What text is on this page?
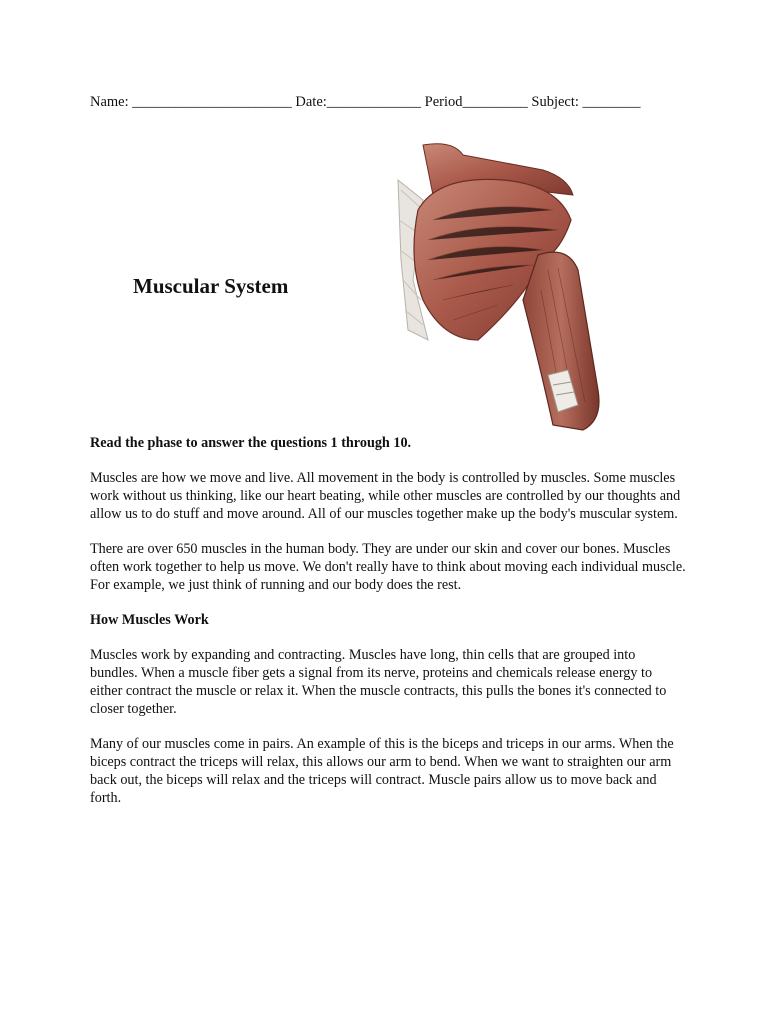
Name: ______________________ Date:_____________ Period_________ Subject: ________
Muscular System

Read the phase to answer the questions 1 through 10.

Muscles are how we move and live. All movement in the body is controlled by muscles. Some muscles work without us thinking, like our heart beating, while other muscles are controlled by our thoughts and allow us to do stuff and move around. All of our muscles together make up the body's muscular system.

There are over 650 muscles in the human body. They are under our skin and cover our bones. Muscles often work together to help us move. We don't really have to think about moving each individual muscle. For example, we just think of running and our body does the rest.

How Muscles Work

Muscles work by expanding and contracting. Muscles have long, thin cells that are grouped into bundles. When a muscle fiber gets a signal from its nerve, proteins and chemicals release energy to either contract the muscle or relax it. When the muscle contracts, this pulls the bones it's connected to closer together.

Many of our muscles come in pairs. An example of this is the biceps and triceps in our arms. When the biceps contract the triceps will relax, this allows our arm to bend. When we want to straighten our arm back out, the biceps will relax and the triceps will contract. Muscle pairs allow us to move back and forth.
